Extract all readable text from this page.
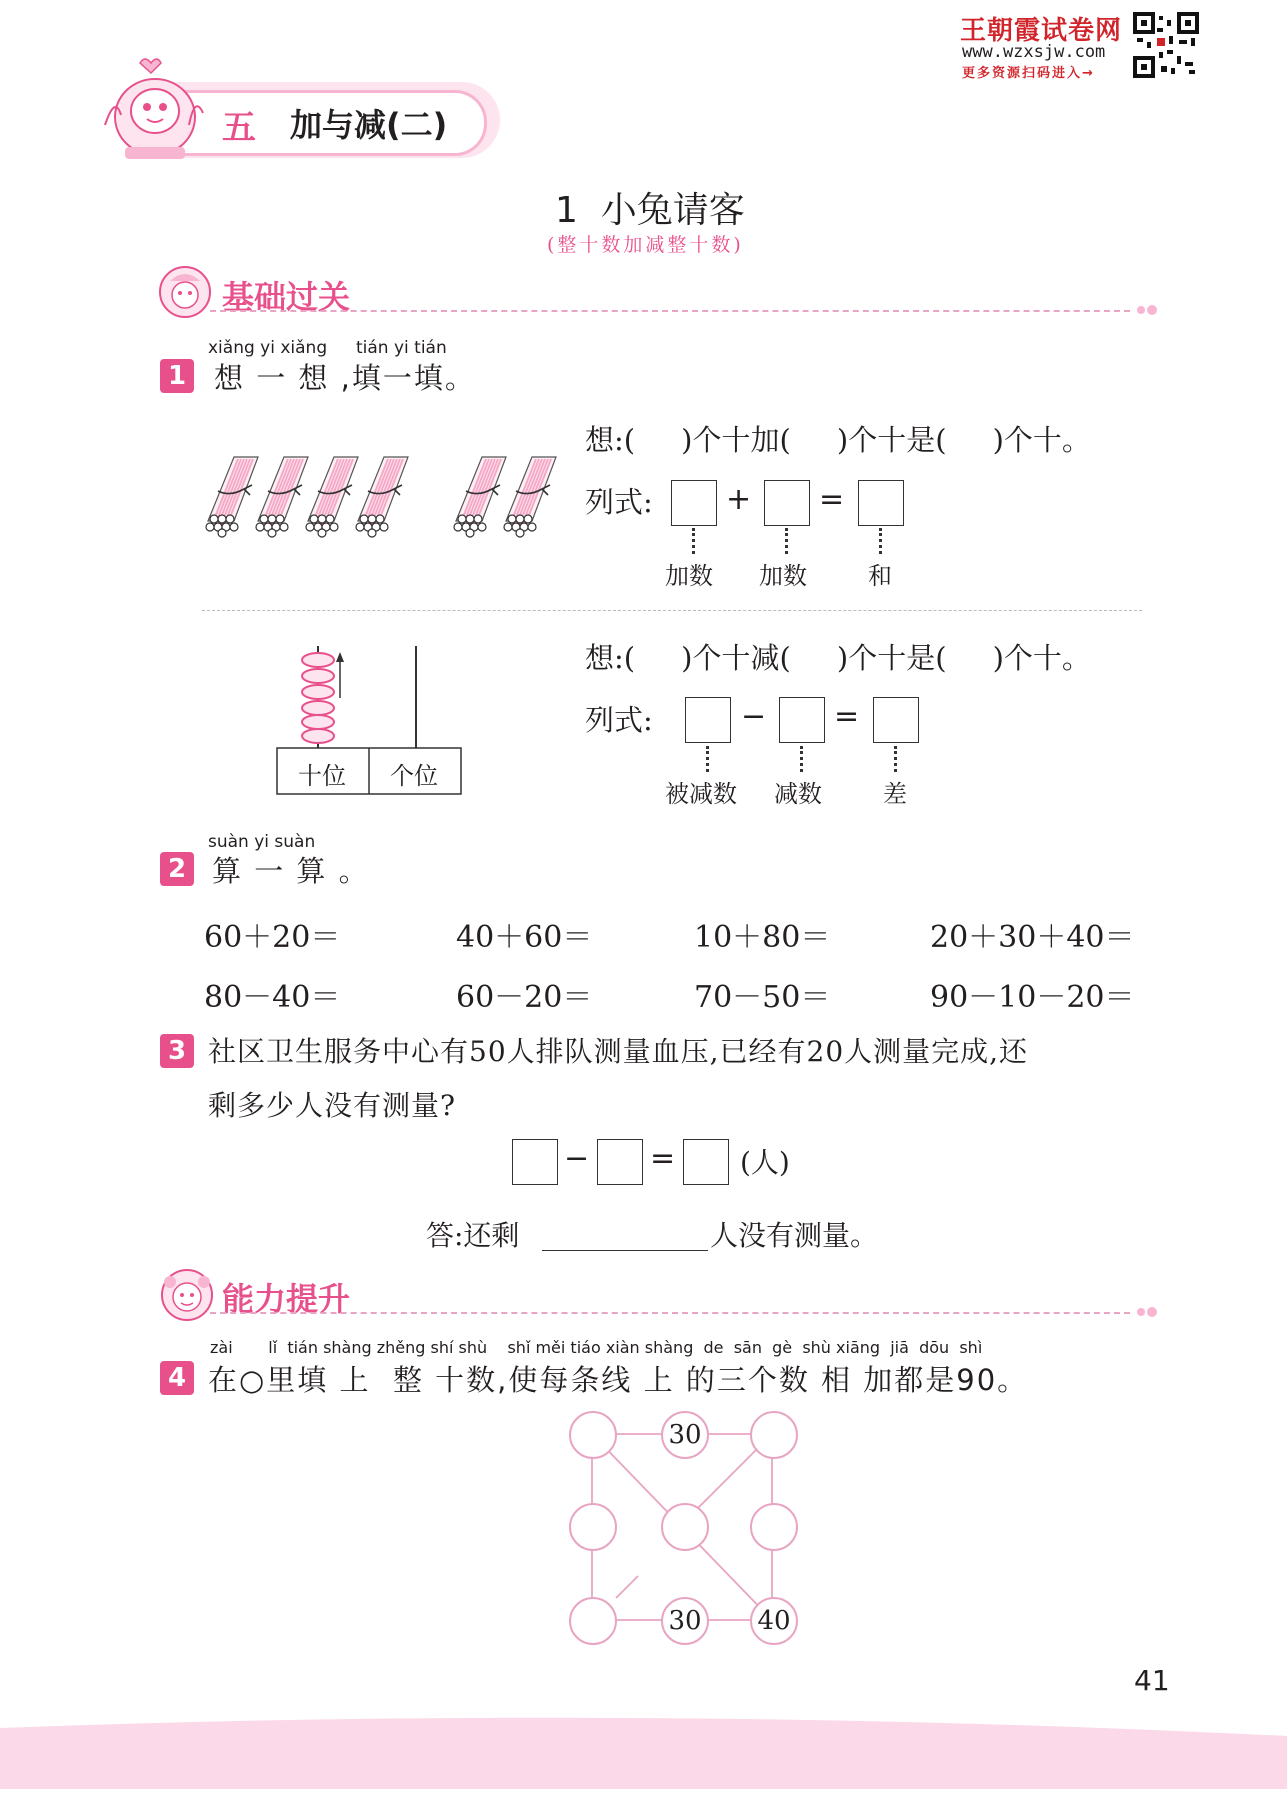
王朝霞试卷网
www.wzxsjw.com
更多资源扫码进入→
五 加与减(二)
1  小兔请客
(整十数加减整十数)
基础过关
xiǎng yi xiǎng tián yi tián
1 想 一 想 ,填一填。
想:(     )个十加(     )个十是(     )个十。
列式: + =
加数 加数	和
十位 个位
想:(     )个十减(     )个十是(     )个十。
列式:	− =
被减数 减数	差
suàn yi suàn
2 算 一 算 。
60＋20＝	40＋60＝	10＋80＝	20＋30＋40＝
80－40＝	60－20＝	70－50＝	90－10－20＝
3 社区卫生服务中心有50人排队测量血压,已经有20人测量完成,还
剩多少人没有测量?
− = (人)
答:还剩	人没有测量。
能力提升
zài       lǐ  tián shàng zhěng shí shù    shǐ měi tiáo xiàn shàng  de  sān  gè  shù xiāng  jiā  dōu  shì
4 在○里填 上  整 十数,使每条线 上 的三个数 相 加都是90。
30
30 40
41
